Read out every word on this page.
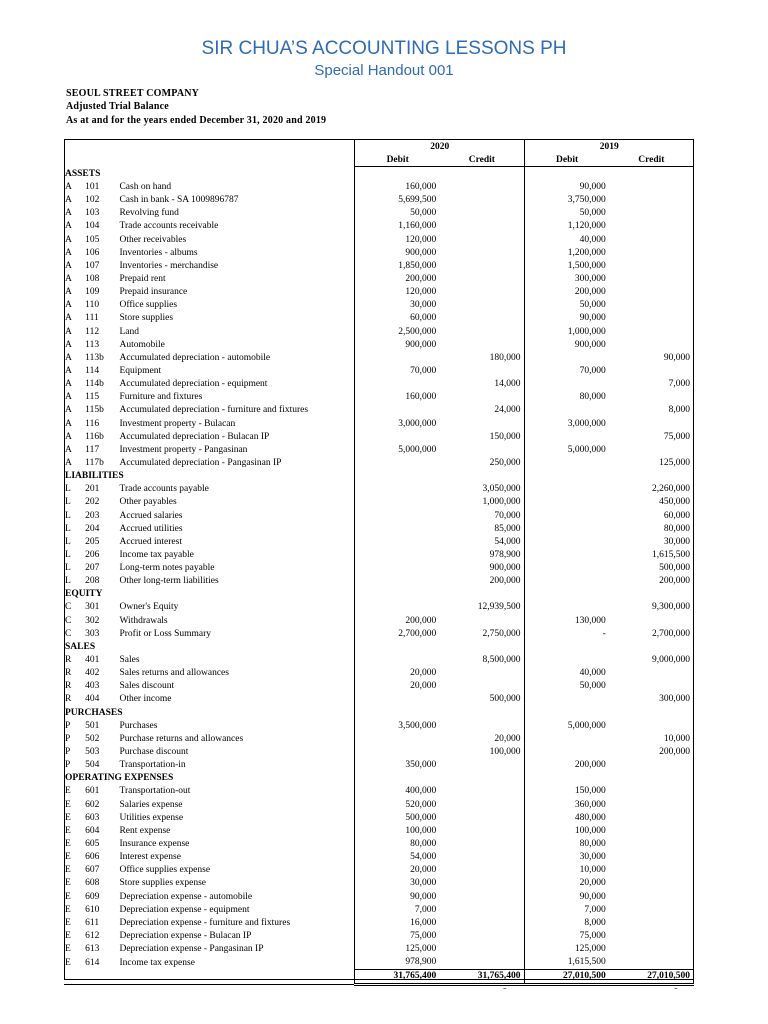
SIR CHUA’S ACCOUNTING LESSONS PH
Special Handout 001
SEOUL STREET COMPANY
Adjusted Trial Balance
As at and for the years ended December 31, 2020 and 2019
			2020		2019	
			Debit	Credit	Debit	Credit
ASSETS						
A	101	Cash on hand	160,000		90,000	
A	102	Cash in bank - SA 1009896787	5,699,500		3,750,000	
A	103	Revolving fund	50,000		50,000	
A	104	Trade accounts receivable	1,160,000		1,120,000	
A	105	Other receivables	120,000		40,000	
A	106	Inventories - albums	900,000		1,200,000	
A	107	Inventories - merchandise	1,850,000		1,500,000	
A	108	Prepaid rent	200,000		300,000	
A	109	Prepaid insurance	120,000		200,000	
A	110	Office supplies	30,000		50,000	
A	111	Store supplies	60,000		90,000	
A	112	Land	2,500,000		1,000,000	
A	113	Automobile	900,000		900,000	
A	113b	Accumulated depreciation - automobile		180,000		90,000
A	114	Equipment	70,000		70,000	
A	114b	Accumulated depreciation - equipment		14,000		7,000
A	115	Furniture and fixtures	160,000		80,000	
A	115b	Accumulated depreciation - furniture and fixtures		24,000		8,000
A	116	Investment property - Bulacan	3,000,000		3,000,000	
A	116b	Accumulated depreciation - Bulacan IP		150,000		75,000
A	117	Investment property - Pangasinan	5,000,000		5,000,000	
A	117b	Accumulated depreciation - Pangasinan IP		250,000		125,000
LIABILITIES						
L	201	Trade accounts payable		3,050,000		2,260,000
L	202	Other payables		1,000,000		450,000
L	203	Accrued salaries		70,000		60,000
L	204	Accrued utilities		85,000		80,000
L	205	Accrued interest		54,000		30,000
L	206	Income tax payable		978,900		1,615,500
L	207	Long-term notes payable		900,000		500,000
L	208	Other long-term liabilities		200,000		200,000
EQUITY						
C	301	Owner's Equity		12,939,500		9,300,000
C	302	Withdrawals	200,000		130,000	
C	303	Profit or Loss Summary	2,700,000	2,750,000	-	2,700,000
SALES						
R	401	Sales		8,500,000		9,000,000
R	402	Sales returns and allowances	20,000		40,000	
R	403	Sales discount	20,000		50,000	
R	404	Other income		500,000		300,000
PURCHASES						
P	501	Purchases	3,500,000		5,000,000	
P	502	Purchase returns and allowances		20,000		10,000
P	503	Purchase discount		100,000		200,000
P	504	Transportation-in	350,000		200,000	
OPERATING EXPENSES						
E	601	Transportation-out	400,000		150,000	
E	602	Salaries expense	520,000		360,000	
E	603	Utilities expense	500,000		480,000	
E	604	Rent expense	100,000		100,000	
E	605	Insurance expense	80,000		80,000	
E	606	Interest expense	54,000		30,000	
E	607	Office supplies expense	20,000		10,000	
E	608	Store supplies expense	30,000		20,000	
E	609	Depreciation expense - automobile	90,000		90,000	
E	610	Depreciation expense - equipment	7,000		7,000	
E	611	Depreciation expense - furniture and fixtures	16,000		8,000	
E	612	Depreciation expense - Bulacan IP	75,000		75,000	
E	613	Depreciation expense - Pangasinan IP	125,000		125,000	
E	614	Income tax expense	978,900		1,615,500	
			31,765,400	31,765,400	27,010,500	27,010,500
-	-
